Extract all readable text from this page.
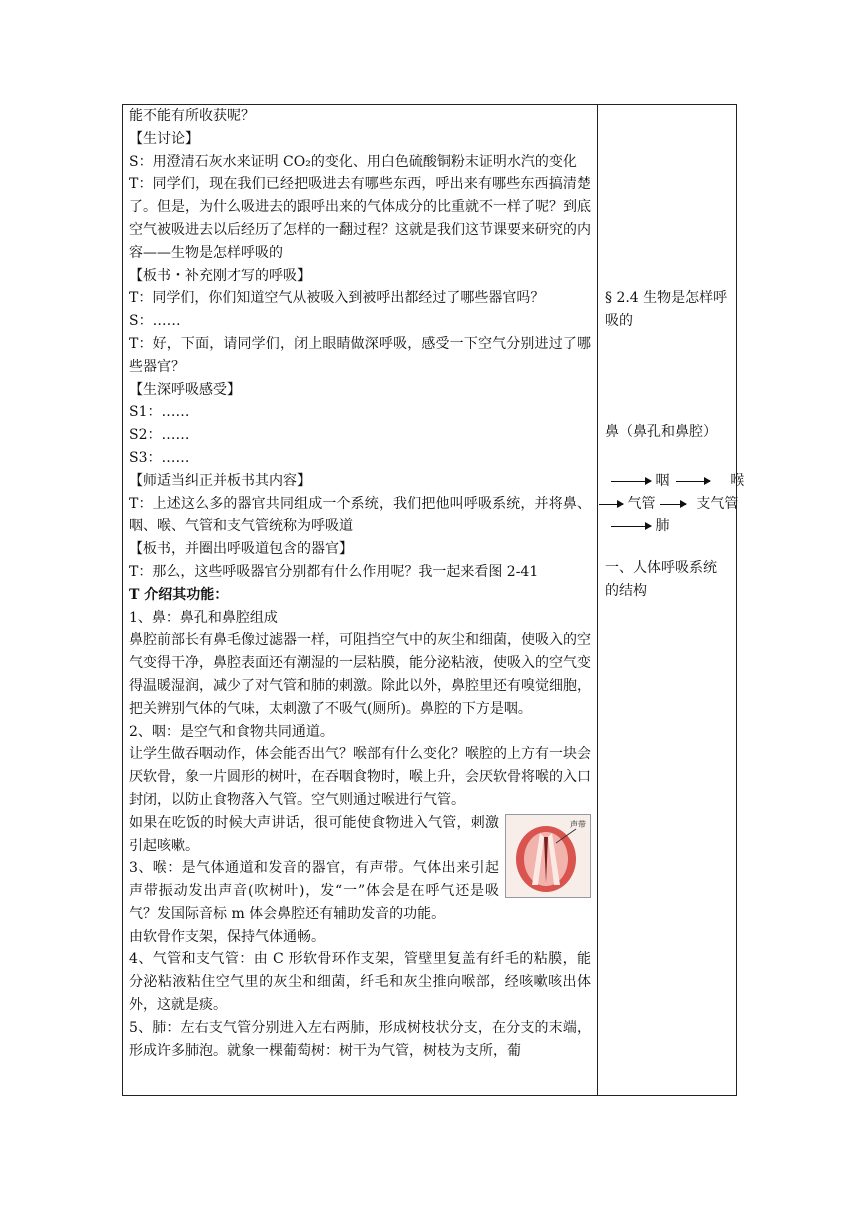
能不能有所收获呢？

【生讨论】

S：用澄清石灰水来证明 CO₂的变化、用白色硫酸铜粉末证明水汽的变化

T：同学们，现在我们已经把吸进去有哪些东西，呼出来有哪些东西搞清楚了。但是，为什么吸进去的跟呼出来的气体成分的比重就不一样了呢？到底空气被吸进去以后经历了怎样的一翻过程？这就是我们这节课要来研究的内容——生物是怎样呼吸的

【板书・补充刚才写的呼吸】

T：同学们，你们知道空气从被吸入到被呼出都经过了哪些器官吗？

S：……

T：好，下面，请同学们，闭上眼睛做深呼吸，感受一下空气分别进过了哪些器官？

【生深呼吸感受】

S1：……

S2：……

S3：……

【师适当纠正并板书其内容】

T：上述这么多的器官共同组成一个系统，我们把他叫呼吸系统，并将鼻、咽、喉、气管和支气管统称为呼吸道

【板书，并圈出呼吸道包含的器官】

T：那么，这些呼吸器官分别都有什么作用呢？我一起来看图 2-41

T 介绍其功能：

1、鼻：鼻孔和鼻腔组成

鼻腔前部长有鼻毛像过滤器一样，可阻挡空气中的灰尘和细菌，使吸入的空气变得干净，鼻腔表面还有潮湿的一层粘膜，能分泌粘液，使吸入的空气变得温暖湿润，减少了对气管和肺的刺激。除此以外，鼻腔里还有嗅觉细胞，把关辨别气体的气味，太刺激了不吸气(厕所)。鼻腔的下方是咽。

2、咽：是空气和食物共同通道。

让学生做吞咽动作，体会能否出气？喉部有什么变化？喉腔的上方有一块会厌软骨，象一片圆形的树叶，在吞咽食物时，喉上升，会厌软骨将喉的入口封闭，以防止食物落入气管。空气则通过喉进行气管。

声带

如果在吃饭的时候大声讲话，很可能使食物进入气管，刺激引起咳嗽。

3、喉：是气体通道和发音的器官，有声带。气体出来引起声带振动发出声音(吹树叶)，发“一”体会是在呼气还是吸气？发国际音标 m 体会鼻腔还有辅助发音的功能。

由软骨作支架，保持气体通畅。

4、气管和支气管：由 C 形软骨环作支架，管壁里复盖有纤毛的粘膜，能分泌粘液粘住空气里的灰尘和细菌，纤毛和灰尘推向喉部，经咳嗽咳出体外，这就是痰。

5、肺：左右支气管分别进入左右两肺，形成树枝状分支，在分支的末端，形成许多肺泡。就象一棵葡萄树：树干为气管，树枝为支所，葡

§ 2.4 生物是怎样呼吸的

鼻（鼻孔和鼻腔）

咽	喉
气管	支气管
肺

一、人体呼吸系统的结构
